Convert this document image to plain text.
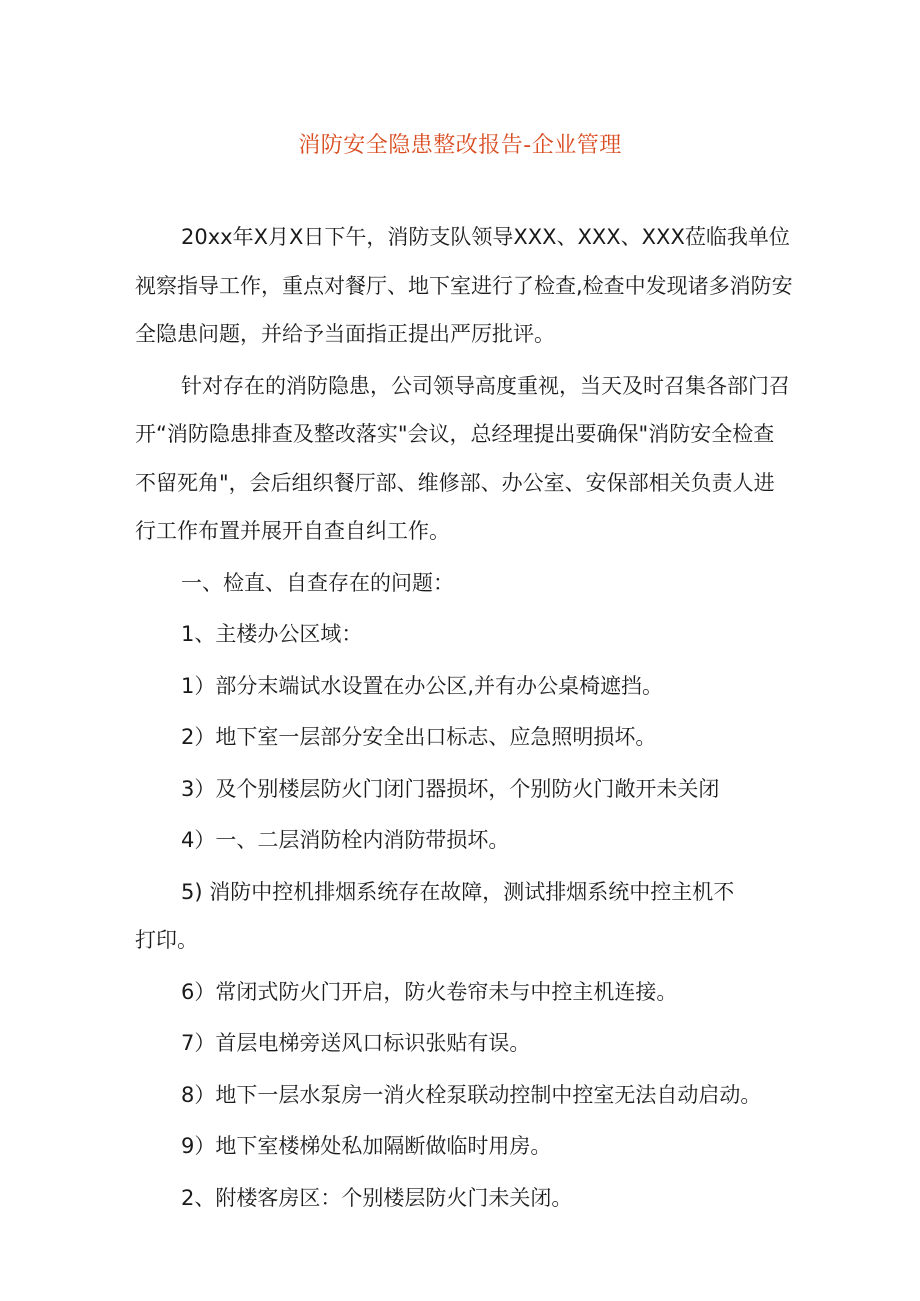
消防安全隐患整改报告-企业管理

20xx年X月X日下午，消防支队领导XXX、XXX、XXX莅临我单位视察指导工作，重点对餐厅、地下室进行了检查,检查中发现诸多消防安全隐患问题，并给予当面指正提出严厉批评。

针对存在的消防隐患，公司领导高度重视，当天及时召集各部门召开“消防隐患排查及整改落实"会议，总经理提出要确保"消防安全检查不留死角"，会后组织餐厅部、维修部、办公室、安保部相关负责人进行工作布置并展开自查自纠工作。

一、检直、自查存在的问题：

1、主楼办公区域：

1）部分末端试水设置在办公区,并有办公桌椅遮挡。

2）地下室一层部分安全出口标志、应急照明损坏。

3）及个别楼层防火门闭门器损坏，个别防火门敞开未关闭

4）一、二层消防栓内消防带损坏。

5) 消防中控机排烟系统存在故障，测试排烟系统中控主机不

打印。

6）常闭式防火门开启，防火卷帘未与中控主机连接。

7）首层电梯旁送风口标识张贴有误。

8）地下一层水泵房一消火栓泵联动控制中控室无法自动启动。

9）地下室楼梯处私加隔断做临时用房。

2、附楼客房区：个别楼层防火门未关闭。
